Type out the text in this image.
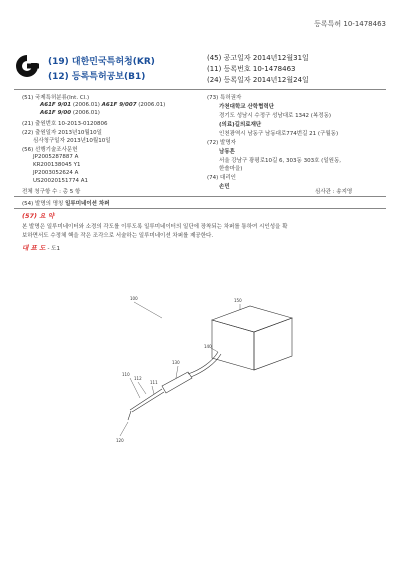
등록특허 10-1478463
(19) 대한민국특허청(KR)
(12) 등록특허공보(B1)
(45) 공고일자 2014년12월31일
(11) 등록번호 10-1478463
(24) 등록일자 2014년12월24일
(51) 국제특허분류(Int. Cl.)
A61F 9/01 (2006.01) A61F 9/007 (2006.01)
A61F 9/00 (2006.01)
(21) 출원번호 10-2013-0120806
(22) 출원일자 2013년10월10일
심사청구일자 2013년10월10일
(56) 선행기술조사문헌
JP2005287887 A
KR200138045 Y1
JP2003052624 A
US20020151774 A1
전체 청구항 수 : 총 5 항	심사관 : 송지영
(73) 특허권자
가천대학교 산학협력단
경기도 성남시 수정구 성남대로 1342 (복정동)
(의료)길의료재단
인천광역시 남동구 남동대로774번길 21 (구월동)
(72) 발명자
남동흔
서울 강남구 광평로10길 6, 303동 303호 (일원동,
한솔마을)
(74) 대리인
손민
(54) 발명의 명칭 일루미네이션 차퍼
(57) 요 약
본 발명은 일루미네이터와 소경의 각도를 이루도록 일루미네이터의 일단에 장착되는 차퍼를 통하여 시인성을 확
보하면서도 수정체 핵을 작은 조각으로 서술하는 일루미네이션 차퍼를 제공한다.
대 표 도 - 도1
100	150
140
130
110
112
111
120
